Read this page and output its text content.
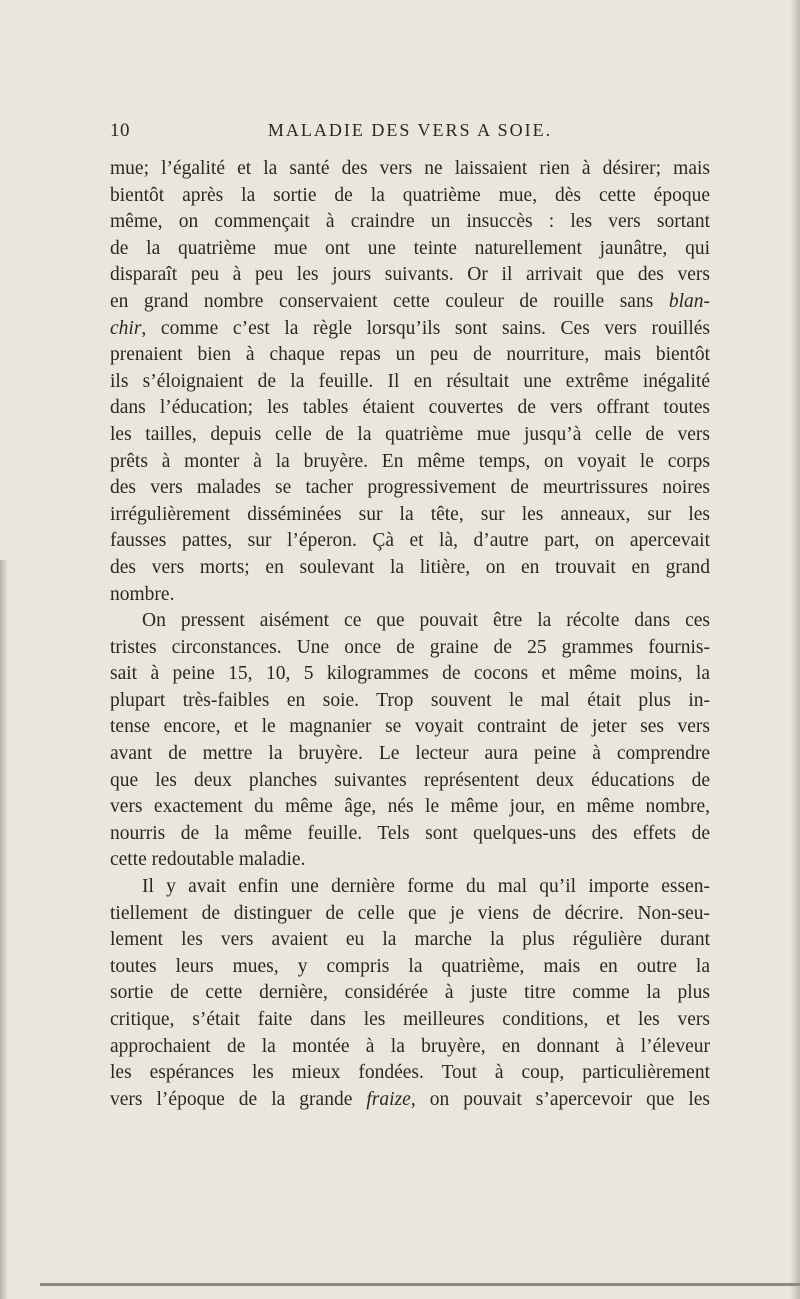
10	MALADIE DES VERS A SOIE.
mue; l’égalité et la santé des vers ne laissaient rien à désirer; mais
bientôt après la sortie de la quatrième mue, dès cette époque
même, on commençait à craindre un insuccès : les vers sortant
de la quatrième mue ont une teinte naturellement jaunâtre, qui
disparaît peu à peu les jours suivants. Or il arrivait que des vers
en grand nombre conservaient cette couleur de rouille sans blan-
chir, comme c’est la règle lorsqu’ils sont sains. Ces vers rouillés
prenaient bien à chaque repas un peu de nourriture, mais bientôt
ils s’éloignaient de la feuille. Il en résultait une extrême inégalité
dans l’éducation; les tables étaient couvertes de vers offrant toutes
les tailles, depuis celle de la quatrième mue jusqu’à celle de vers
prêts à monter à la bruyère. En même temps, on voyait le corps
des vers malades se tacher progressivement de meurtrissures noires
irrégulièrement disséminées sur la tête, sur les anneaux, sur les
fausses pattes, sur l’éperon. Çà et là, d’autre part, on apercevait
des vers morts; en soulevant la litière, on en trouvait en grand
nombre.
On pressent aisément ce que pouvait être la récolte dans ces
tristes circonstances. Une once de graine de 25 grammes fournis-
sait à peine 15, 10, 5 kilogrammes de cocons et même moins, la
plupart très-faibles en soie. Trop souvent le mal était plus in-
tense encore, et le magnanier se voyait contraint de jeter ses vers
avant de mettre la bruyère. Le lecteur aura peine à comprendre
que les deux planches suivantes représentent deux éducations de
vers exactement du même âge, nés le même jour, en même nombre,
nourris de la même feuille. Tels sont quelques-uns des effets de
cette redoutable maladie.
Il y avait enfin une dernière forme du mal qu’il importe essen-
tiellement de distinguer de celle que je viens de décrire. Non-seu-
lement les vers avaient eu la marche la plus régulière durant
toutes leurs mues, y compris la quatrième, mais en outre la
sortie de cette dernière, considérée à juste titre comme la plus
critique, s’était faite dans les meilleures conditions, et les vers
approchaient de la montée à la bruyère, en donnant à l’éleveur
les espérances les mieux fondées. Tout à coup, particulièrement
vers l’époque de la grande fraize, on pouvait s’apercevoir que les
